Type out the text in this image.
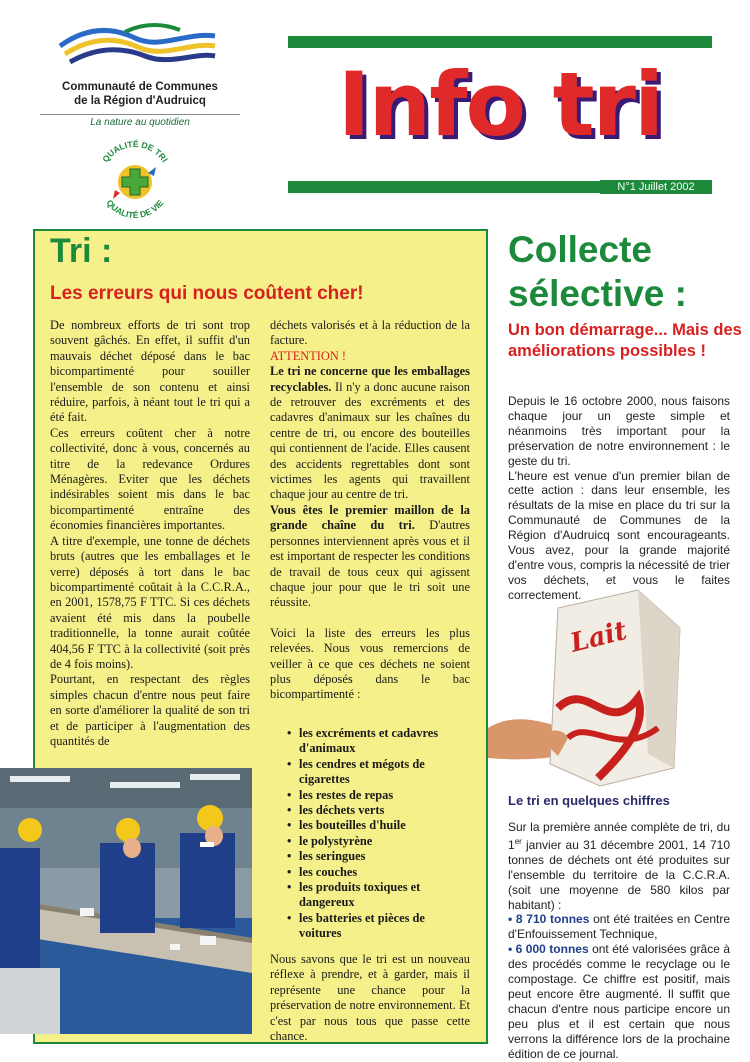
Communauté de Communes
de la Région d'Audruicq
La nature au quotidien
QUALITÉ DE TRI
QUALITÉ DE VIE
Info tri
N°1 Juillet 2002
Tri :
Les erreurs qui nous coûtent cher!

De nombreux efforts de tri sont trop souvent gâchés. En effet, il suffit d'un mauvais déchet déposé dans le bac bicompartimenté pour souiller l'ensemble de son contenu et ainsi réduire, parfois, à néant tout le tri qui a été fait.

Ces erreurs coûtent cher à notre collectivité, donc à vous, concernés au titre de la redevance Ordures Ménagères. Eviter que les déchets indésirables soient mis dans le bac bicompartimenté entraîne des économies financières importantes.

A titre d'exemple, une tonne de déchets bruts (autres que les emballages et le verre) déposés à tort dans le bac bicompartimenté coûtait à la C.C.R.A., en 2001, 1578,75 F TTC. Si ces déchets avaient été mis dans la poubelle traditionnelle, la tonne aurait coûtée 404,56 F TTC à la collectivité (soit près de 4 fois moins).

Pourtant, en respectant des règles simples chacun d'entre nous peut faire en sorte d'améliorer la qualité de son tri et de participer à l'augmentation des quantités de

déchets valorisés et à la réduction de la facture.

ATTENTION !

Le tri ne concerne que les emballages recyclables. Il n'y a donc aucune raison de retrouver des excréments et des cadavres d'animaux sur les chaînes du centre de tri, ou encore des bouteilles qui contiennent de l'acide. Elles causent des accidents regrettables dont sont victimes les agents qui travaillent chaque jour au centre de tri.

Vous êtes le premier maillon de la grande chaîne du tri. D'autres personnes interviennent après vous et il est important de respecter les conditions de travail de tous ceux qui agissent chaque jour pour que le tri soit une réussite.

Voici la liste des erreurs les plus relevées. Nous vous remercions de veiller à ce que ces déchets ne soient plus déposés dans le bac bicompartimenté :

• les excréments et cadavres d'animaux
• les cendres et mégots de cigarettes
• les restes de repas
• les déchets verts
• les bouteilles d'huile
• le polystyrène
• les seringues
• les couches
• les produits toxiques et dangereux
• les batteries et pièces de voitures
Nous savons que le tri est un nouveau réflexe à prendre, et à garder, mais il représente une chance pour la préservation de notre environnement. Et c'est par nous tous que passe cette chance.
Collecte
sélective :
Un bon démarrage... Mais des améliorations possibles !

Depuis le 16 octobre 2000, nous faisons chaque jour un geste simple et néanmoins très important pour la préservation de notre environnement : le geste du tri.

L'heure est venue d'un premier bilan de cette action : dans leur ensemble, les résultats de la mise en place du tri sur la Communauté de Communes de la Région d'Audruicq sont encourageants. Vous avez, pour la grande majorité d'entre vous, compris la nécessité de trier vos déchets, et vous le faites correctement.

Lait
Le tri en quelques chiffres

Sur la première année complète de tri, du 1er janvier au 31 décembre 2001, 14 710 tonnes de déchets ont été produites sur l'ensemble du territoire de la C.C.R.A. (soit une moyenne de 580 kilos par habitant) :

• 8 710 tonnes ont été traitées en Centre d'Enfouissement Technique,

• 6 000 tonnes ont été valorisées grâce à des procédés comme le recyclage ou le compostage. Ce chiffre est positif, mais peut encore être augmenté. Il suffit que chacun d'entre nous participe encore un peu plus et il est certain que nous verrons la différence lors de la prochaine édition de ce journal.
